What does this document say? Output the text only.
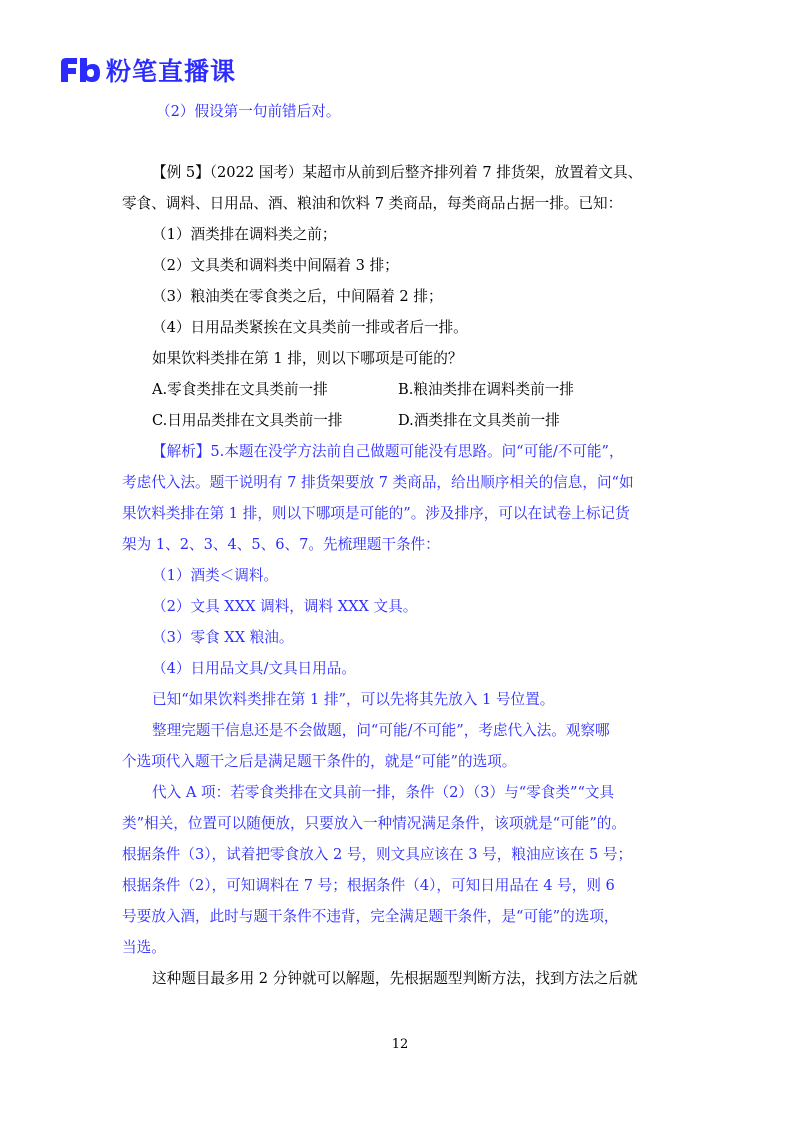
粉笔直播课
（2）假设第一句前错后对。
【例 5】（2022 国考）某超市从前到后整齐排列着 7 排货架，放置着文具、
零食、调料、日用品、酒、粮油和饮料 7 类商品，每类商品占据一排。已知：
（1）酒类排在调料类之前；
（2）文具类和调料类中间隔着 3 排；
（3）粮油类在零食类之后，中间隔着 2 排；
（4）日用品类紧挨在文具类前一排或者后一排。
如果饮料类排在第 1 排，则以下哪项是可能的？
A.零食类排在文具类前一排	B.粮油类排在调料类前一排
C.日用品类排在文具类前一排	D.酒类排在文具类前一排
【解析】5.本题在没学方法前自己做题可能没有思路。问“可能/不可能”，
考虑代入法。题干说明有 7 排货架要放 7 类商品，给出顺序相关的信息，问“如
果饮料类排在第 1 排，则以下哪项是可能的”。涉及排序，可以在试卷上标记货
架为 1、2、3、4、5、6、7。先梳理题干条件：
（1）酒类＜调料。
（2）文具 XXX 调料，调料 XXX 文具。
（3）零食 XX 粮油。
（4）日用品文具/文具日用品。
已知“如果饮料类排在第 1 排”，可以先将其先放入 1 号位置。
整理完题干信息还是不会做题，问“可能/不可能”，考虑代入法。观察哪
个选项代入题干之后是满足题干条件的，就是“可能”的选项。
代入 A 项：若零食类排在文具前一排，条件（2）（3）与“零食类”“文具
类”相关，位置可以随便放，只要放入一种情况满足条件，该项就是“可能”的。
根据条件（3），试着把零食放入 2 号，则文具应该在 3 号，粮油应该在 5 号；
根据条件（2），可知调料在 7 号；根据条件（4），可知日用品在 4 号，则 6
号要放入酒，此时与题干条件不违背，完全满足题干条件，是“可能”的选项，
当选。
这种题目最多用 2 分钟就可以解题，先根据题型判断方法，找到方法之后就
12
